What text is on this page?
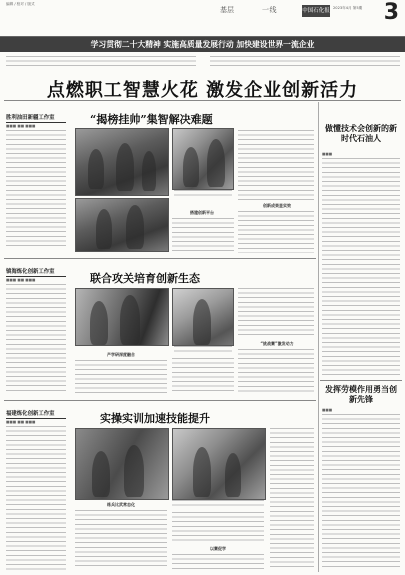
编辑 / 校对 / 版式
基层	一线	中国石化报 2023年4月 第5期 3
学习贯彻二十大精神 实施高质量发展行动 加快建设世界一流企业
点燃职工智慧火花 激发企业创新活力
胜利油田新疆工作室
■■■ ■■ ■■■	“揭榜挂帅”集智解决难题
搭建创新平台
创新成果显实效
镇海炼化创新工作室
■■■ ■■ ■■■	联合攻关培育创新生态
产学研深度融合
“挑战赛”激发动力
福建炼化创新工作室
■■■ ■■ ■■■	实操实训加速技能提升
练兵比武常态化
以赛促学
做懂技术会创新的新时代石油人
■■■
发挥劳模作用勇当创新先锋
■■■
